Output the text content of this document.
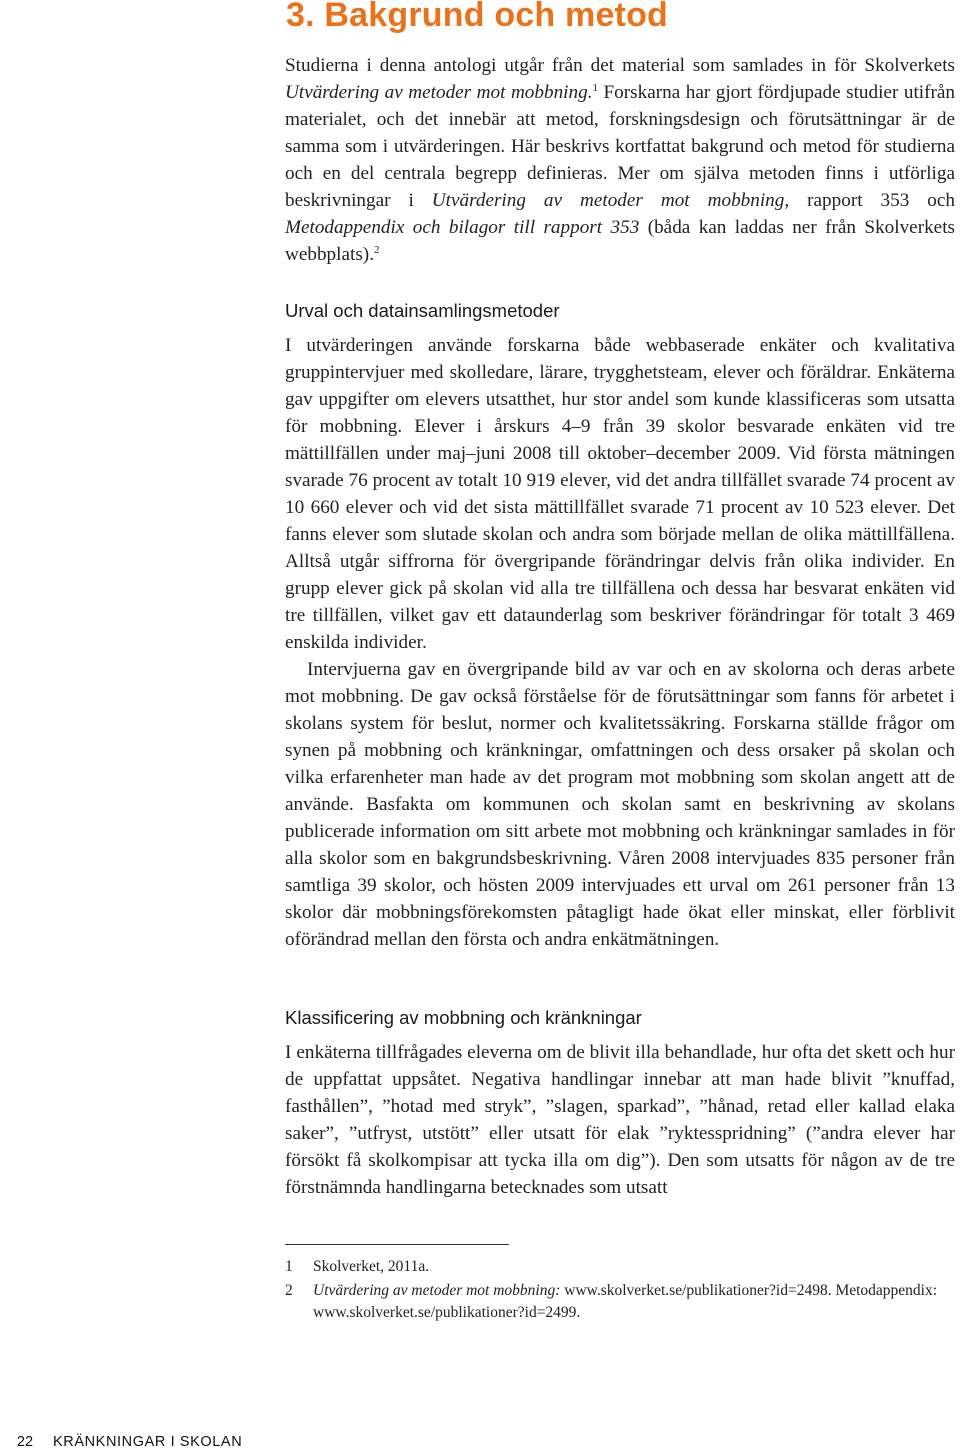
3. Bakgrund och metod

Studierna i denna antologi utgår från det material som samlades in för Skolverkets Utvärdering av metoder mot mobbning.$^1$ Forskarna har gjort fördjupade studier utifrån materialet, och det innebär att metod, forskningsdesign och förutsättningar är de samma som i utvärderingen. Här beskrivs kortfattat bakgrund och metod för studierna och en del centrala begrepp definieras. Mer om själva metoden finns i utförliga beskrivningar i Utvärdering av metoder mot mobbning, rapport 353 och Metodappendix och bilagor till rapport 353 (båda kan laddas ner från Skolverkets webbplats).$^2$

Urval och datainsamlingsmetoder

I utvärderingen använde forskarna både webbaserade enkäter och kvalitativa gruppintervjuer med skolledare, lärare, trygghetsteam, elever och föräldrar. Enkäterna gav uppgifter om elevers utsatthet, hur stor andel som kunde klassificeras som utsatta för mobbning. Elever i årskurs 4–9 från 39 skolor besvarade enkäten vid tre mättillfällen under maj–juni 2008 till oktober–december 2009. Vid första mätningen svarade 76 procent av totalt 10 919 elever, vid det andra tillfället svarade 74 procent av 10 660 elever och vid det sista mättillfället svarade 71 procent av 10 523 elever. Det fanns elever som slutade skolan och andra som började mellan de olika mättillfällena. Alltså utgår siffrorna för övergripande förändringar delvis från olika individer. En grupp elever gick på skolan vid alla tre tillfällena och dessa har besvarat enkäten vid tre tillfällen, vilket gav ett dataunderlag som beskriver förändringar för totalt 3 469 enskilda individer.

Intervjuerna gav en övergripande bild av var och en av skolorna och deras arbete mot mobbning. De gav också förståelse för de förutsättningar som fanns för arbetet i skolans system för beslut, normer och kvalitetssäkring. Forskarna ställde frågor om synen på mobbning och kränkningar, omfattningen och dess orsaker på skolan och vilka erfarenheter man hade av det program mot mobbning som skolan angett att de använde. Basfakta om kommunen och skolan samt en beskrivning av skolans publicerade information om sitt arbete mot mobbning och kränkningar samlades in för alla skolor som en bakgrundsbeskrivning. Våren 2008 intervjuades 835 personer från samtliga 39 skolor, och hösten 2009 intervjuades ett urval om 261 personer från 13 skolor där mobbningsförekomsten påtagligt hade ökat eller minskat, eller förblivit oförändrad mellan den första och andra enkätmätningen.

Klassificering av mobbning och kränkningar

I enkäterna tillfrågades eleverna om de blivit illa behandlade, hur ofta det skett och hur de uppfattat uppsåtet. Negativa handlingar innebar att man hade blivit ”knuffad, fasthållen”, ”hotad med stryk”, ”slagen, sparkad”, ”hånad, retad eller kallad elaka saker”, ”utfryst, utstött” eller utsatt för elak ”ryktesspridning” (”andra elever har försökt få skolkompisar att tycka illa om dig”). Den som utsatts för någon av de tre förstnämnda handlingarna betecknades som utsatt

1	Skolverket, 2011a.
2	Utvärdering av metoder mot mobbning: www.skolverket.se/publikationer?id=2498. Metodappendix: www.skolverket.se/publikationer?id=2499.
22	KRÄNKNINGAR I SKOLAN
